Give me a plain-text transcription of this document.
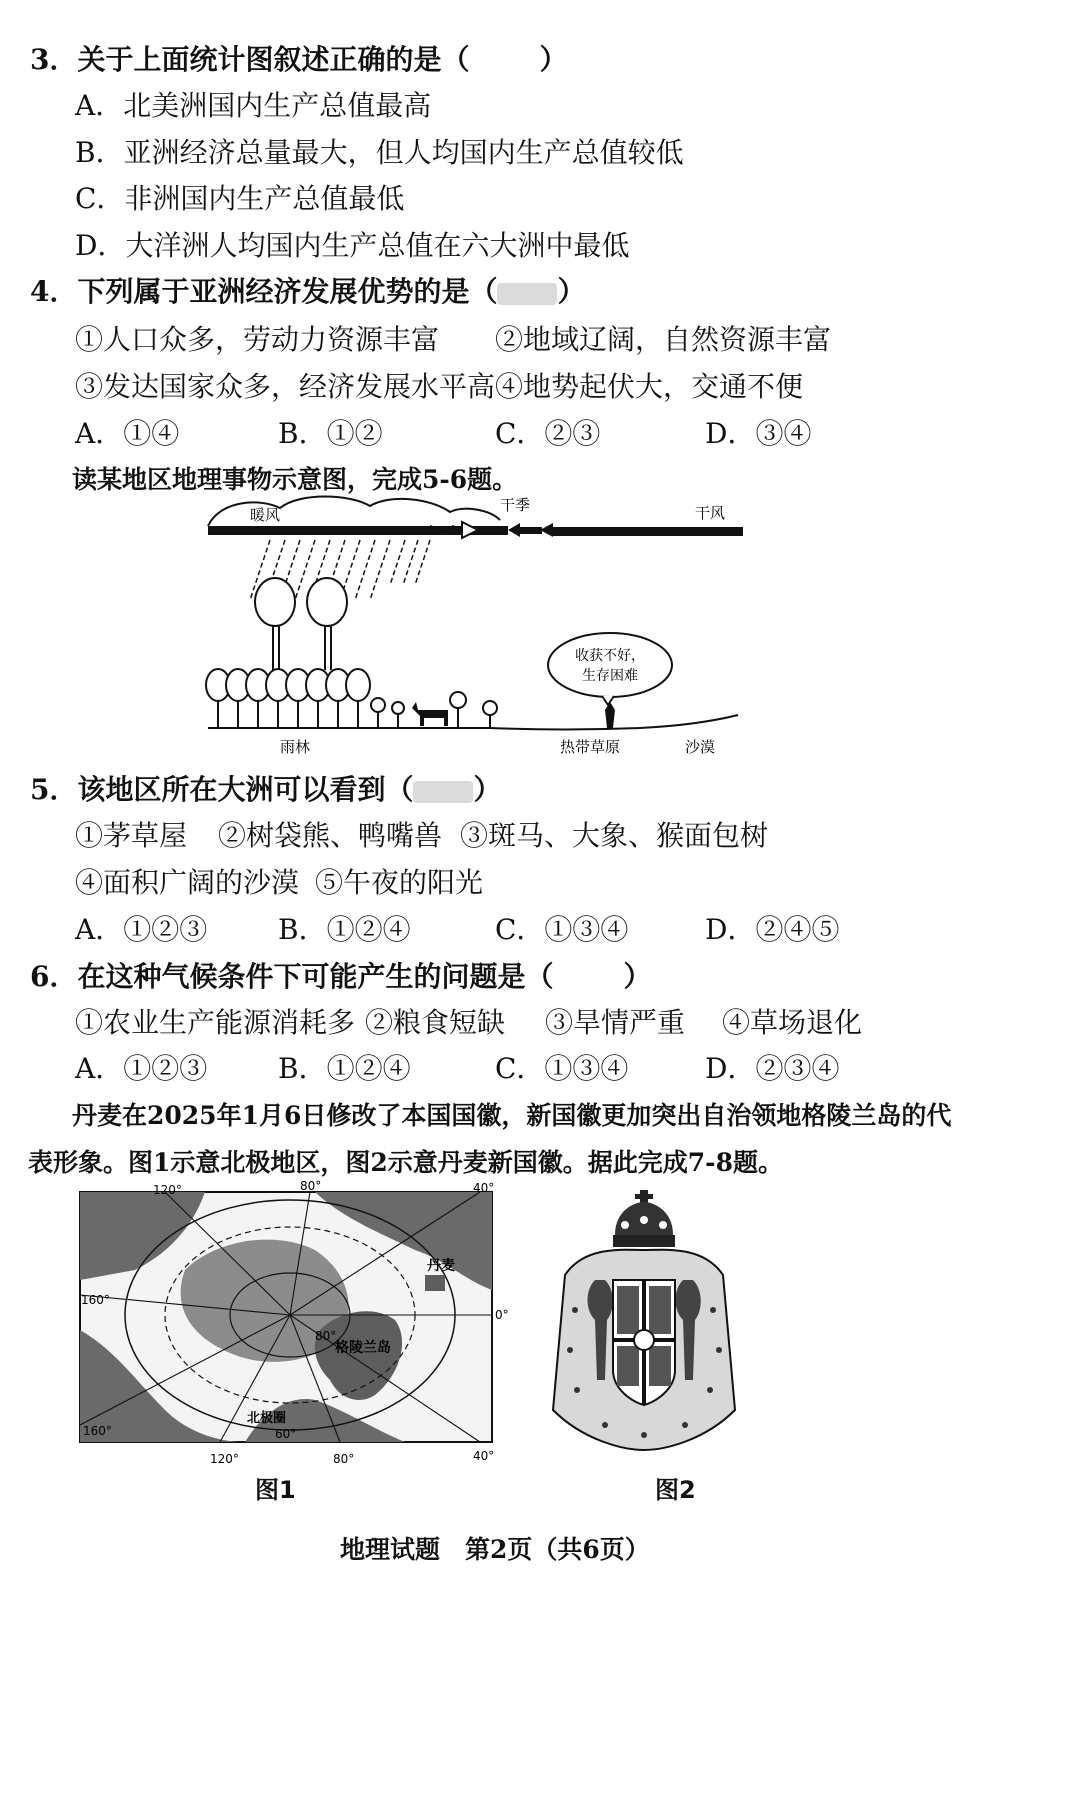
3．关于上面统计图叙述正确的是（	）
A．北美洲国内生产总值最高
B．亚洲经济总量最大，但人均国内生产总值较低
C．非洲国内生产总值最低
D．大洋洲人均国内生产总值在六大洲中最低
4．下列属于亚洲经济发展优势的是（ ）
①人口众多，劳动力资源丰富 ②地域辽阔，自然资源丰富
③发达国家众多，经济发展水平高 ④地势起伏大，交通不便
A．①④	B．①②	C．②③	D．③④
读某地区地理事物示意图，完成5-6题。
暖风
干季	干风
收获不好，
生存困难
雨林	热带草原	沙漠
5．该地区所在大洲可以看到（ ）
①茅草屋 ②树袋熊、鸭嘴兽 ③斑马、大象、猴面包树
④面积广阔的沙漠 ⑤午夜的阳光
A．①②③	B．①②④	C．①③④	D．②④⑤
6．在这种气候条件下可能产生的问题是（	）
①农业生产能源消耗多 ②粮食短缺 ③旱情严重 ④草场退化
A．①②③	B．①②④	C．①③④	D．②③④
丹麦在2025年1月6日修改了本国国徽，新国徽更加突出自治领地格陵兰岛的代
表形象。图1示意北极地区，图2示意丹麦新国徽。据此完成7-8题。
120°	80°	40°
160°
160°
0°
80°
60°
120°	80°	40°
丹麦
格陵兰岛
北极圈
图1	图2
地理试题　第2页（共6页）
